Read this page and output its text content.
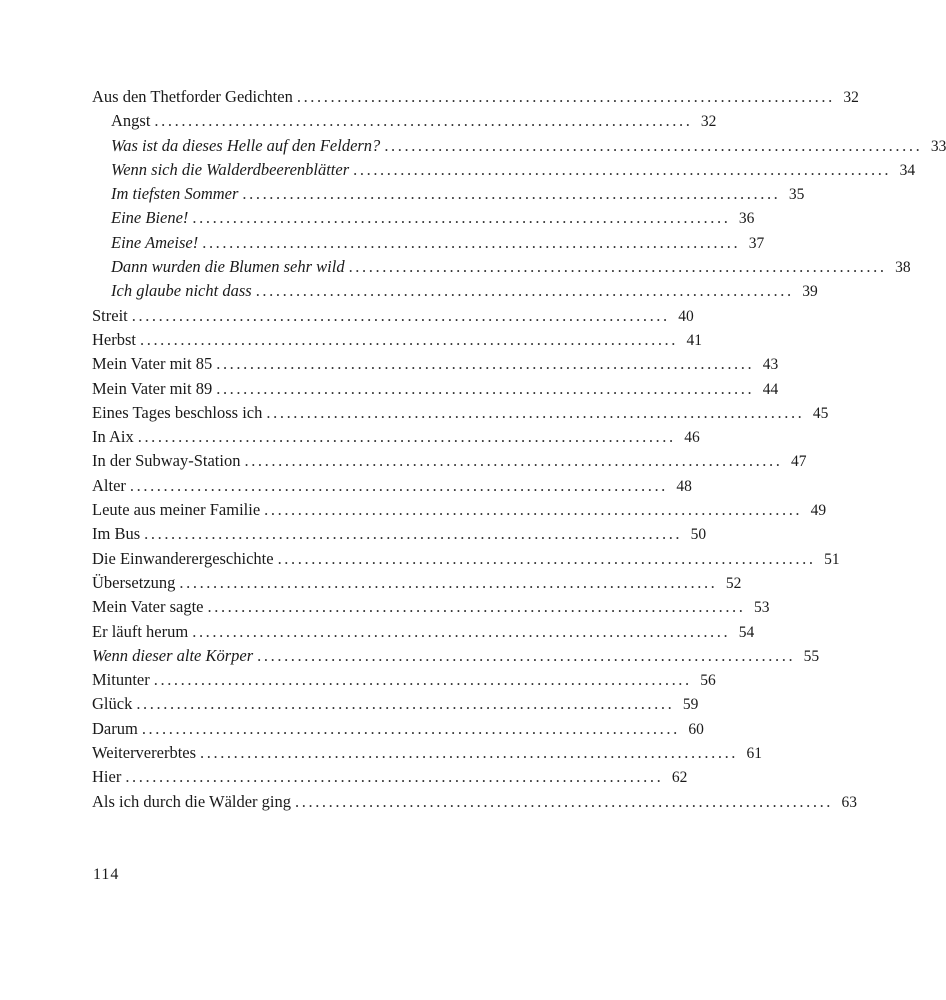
Aus den Thetforder Gedichten ................................................................................ 32
Angst ................................................................................ 32
Was ist da dieses Helle auf den Feldern? ................................................................................ 33
Wenn sich die Walderdbeerenblätter ................................................................................ 34
Im tiefsten Sommer ................................................................................ 35
Eine Biene! ................................................................................ 36
Eine Ameise! ................................................................................ 37
Dann wurden die Blumen sehr wild ................................................................................ 38
Ich glaube nicht dass ................................................................................ 39
Streit ................................................................................ 40
Herbst ................................................................................ 41
Mein Vater mit 85 ................................................................................ 43
Mein Vater mit 89 ................................................................................ 44
Eines Tages beschloss ich ................................................................................ 45
In Aix ................................................................................ 46
In der Subway-Station ................................................................................ 47
Alter ................................................................................ 48
Leute aus meiner Familie ................................................................................ 49
Im Bus ................................................................................ 50
Die Einwanderergeschichte ................................................................................ 51
Übersetzung ................................................................................ 52
Mein Vater sagte ................................................................................ 53
Er läuft herum ................................................................................ 54
Wenn dieser alte Körper ................................................................................ 55
Mitunter ................................................................................ 56
Glück ................................................................................ 59
Darum ................................................................................ 60
Weitervererbtes ................................................................................ 61
Hier ................................................................................ 62
Als ich durch die Wälder ging ................................................................................ 63
114
